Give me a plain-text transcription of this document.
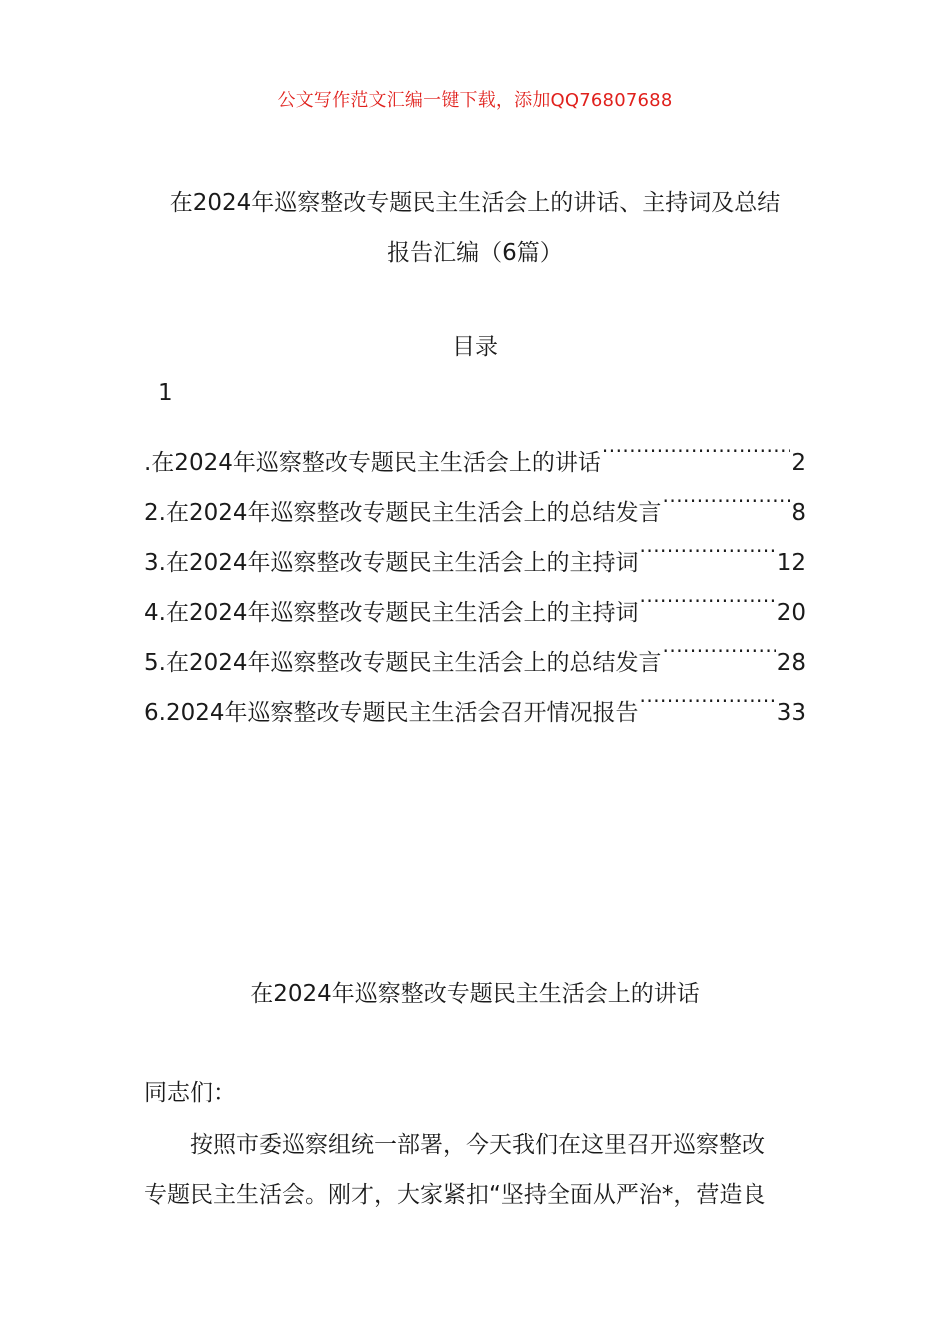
公文写作范文汇编一键下载，添加QQ76807688
在2024年巡察整改专题民主生活会上的讲话、主持词及总结
报告汇编（6篇）
目录
1
.在2024年巡察整改专题民主生活会上的讲话 .....	2
2.在2024年巡察整改专题民主生活会上的总结发言 .....	8
3.在2024年巡察整改专题民主生活会上的主持词 .....	12
4.在2024年巡察整改专题民主生活会上的主持词 .....	20
5.在2024年巡察整改专题民主生活会上的总结发言 .....	28
6.2024年巡察整改专题民主生活会召开情况报告 .....	33
在2024年巡察整改专题民主生活会上的讲话
同志们：
按照市委巡察组统一部署，今天我们在这里召开巡察整改
专题民主生活会。刚才，大家紧扣“坚持全面从严治*，营造良
